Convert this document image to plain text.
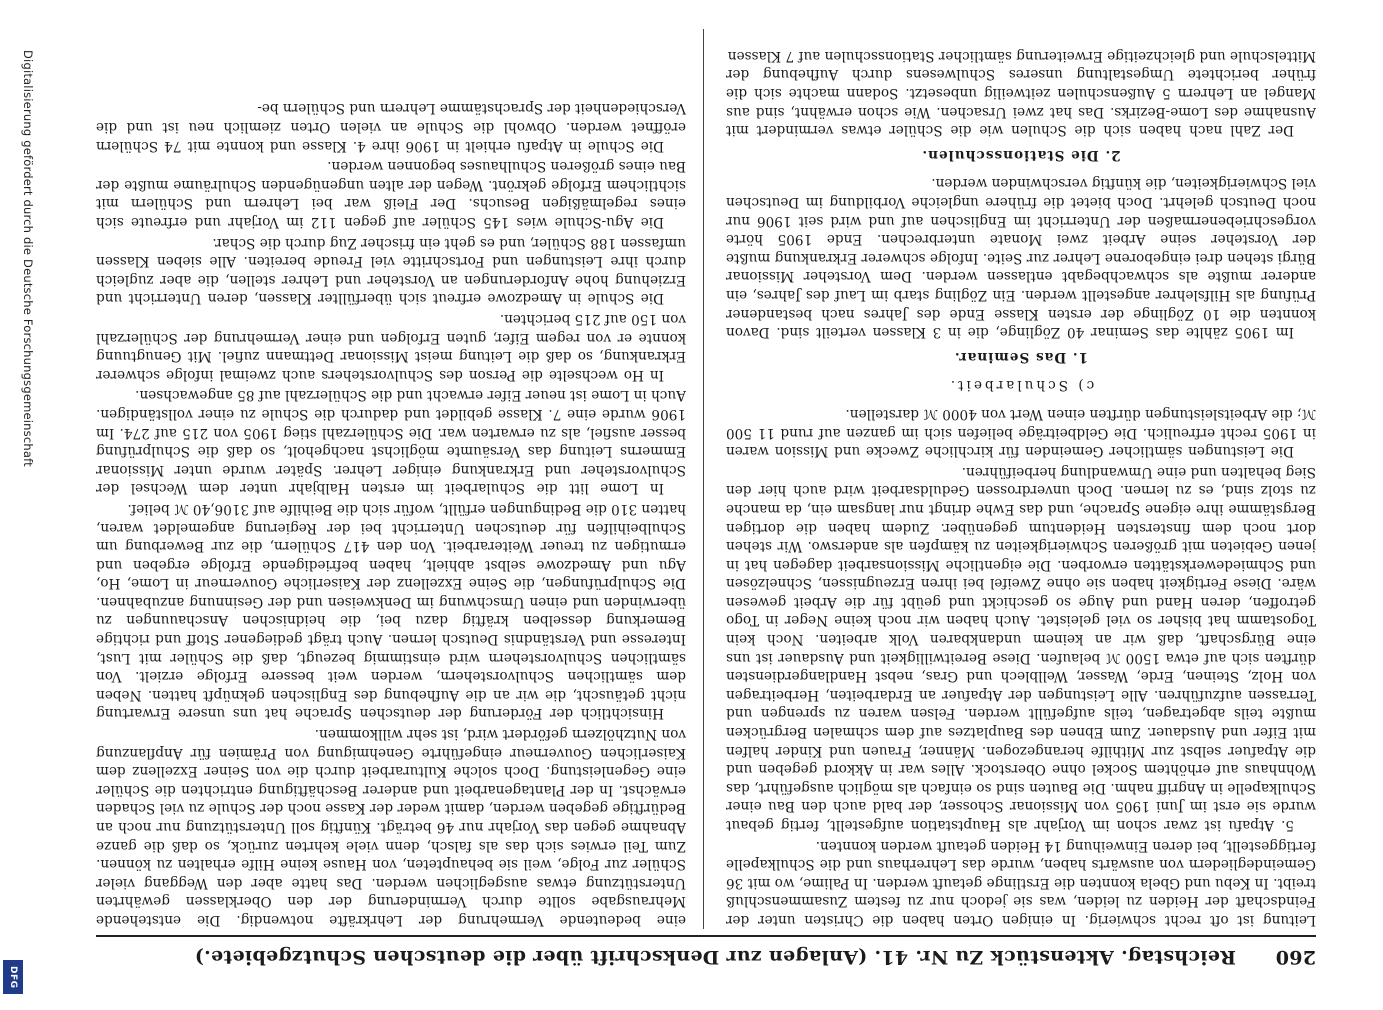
260
Reichstag. Aktenstück Zu Nr. 41. (Anlagen zur Denkschrift über die deutschen Schutzgebiete.)

Leitung ist oft recht schwierig. In einigen Orten haben die Christen unter der Feindschaft der Heiden zu leiden, was sie jedoch nur zu festem Zusammenschluß treibt. In Kebu und Gbela konnten die Erstlinge getauft werden. In Palime, wo mit 36 Gemeindegliedern von auswärts haben, wurde das Lehrerhaus und die Schulkapelle fertiggestellt, bei deren Einweihung 14 Heiden getauft werden konnten.

5. Atpafu ist zwar schon im Vorjahr als Hauptstation aufgestellt, fertig gebaut wurde sie erst im Juni 1905 von Missionar Schosser, der bald auch den Bau einer Schulkapelle in Angriff nahm. Die Bauten sind so einfach als möglich ausgeführt, das Wohnhaus auf erhöhtem Sockel ohne Oberstock. Alles war in Akkord gegeben und die Atpafuer selbst zur Mithilfe herangezogen. Männer, Frauen und Kinder halfen mit Eifer und Ausdauer. Zum Ebnen des Bauplatzes auf dem schmalen Bergrücken mußte teils abgetragen, teils aufgefüllt werden. Felsen waren zu sprengen und Terrassen aufzuführen. Alle Leistungen der Atpafuer an Erdarbeiten, Herbeitragen von Holz, Steinen, Erde, Wasser, Wellblech und Gras, nebst Handlangerdiensten dürften sich auf etwa 1500 ℳ belaufen. Diese Bereitwilligkeit und Ausdauer ist uns eine Bürgschaft, daß wir an keinem undankbaren Volk arbeiten. Noch kein Togostamm hat bisher so viel geleistet. Auch haben wir noch keine Neger in Togo getroffen, deren Hand und Auge so geschickt und geübt für die Arbeit gewesen wäre. Diese Fertigkeit haben sie ohne Zweifel bei ihren Erzeugnissen, Schnelzösen und Schmiedewerkstätten erworben. Die eigentliche Missionsarbeit dagegen hat in jenen Gebieten mit größeren Schwierigkeiten zu kämpfen als anderswo. Wir stehen dort noch dem finstersten Heidentum gegenüber. Zudem haben die dortigen Bergstämme ihre eigene Sprache, und das Ewhe dringt nur langsam ein, da manche zu stolz sind, es zu lernen. Doch unverdrossen Geduldsarbeit wird auch hier den Sieg behalten und eine Umwandlung herbeiführen.

Die Leistungen sämtlicher Gemeinden für kirchliche Zwecke und Mission waren in 1905 recht erfreulich. Die Geldbeiträge beliefen sich im ganzen auf rund 11 500 ℳ; die Arbeitsleistungen dürften einen Wert von 4000 ℳ darstellen.

c) Schularbeit.

1. Das Seminar.

Im 1905 zählte das Seminar 40 Zöglinge, die in 3 Klassen verteilt sind. Davon konnten die 10 Zöglinge der ersten Klasse Ende des Jahres nach bestandener Prüfung als Hilfslehrer angestellt werden. Ein Zögling starb im Lauf des Jahres, ein anderer mußte als schwachbegabt entlassen werden. Dem Vorsteher Missionar Bürgi stehen drei eingeborene Lehrer zur Seite. Infolge schwerer Erkrankung mußte der Vorsteher seine Arbeit zwei Monate unterbrechen. Ende 1905 hörte vorgeschriebenermaßen der Unterricht im Englischen auf und wird seit 1906 nur noch Deutsch gelehrt. Doch bietet die frühere ungleiche Vorbildung im Deutschen viel Schwierigkeiten, die künftig verschwinden werden.

2. Die Stationsschulen.

Der Zahl nach haben sich die Schulen wie die Schüler etwas vermindert mit Ausnahme des Lome-Bezirks. Das hat zwei Ursachen. Wie schon erwähnt, sind aus Mangel an Lehrern 5 Außenschulen zeitweilig unbesetzt. Sodann machte sich die früher berichtete Umgestaltung unseres Schulwesens durch Aufhebung der Mittelschule und gleichzeitige Erweiterung sämtlicher Stationsschulen auf 7 Klassen

eine bedeutende Vermehrung der Lehrkräfte notwendig. Die entstehende Mehrausgabe sollte durch Verminderung der den Oberklassen gewährten Unterstützung etwas ausgeglichen werden. Das hatte aber den Weggang vieler Schüler zur Folge, weil sie behaupteten, von Hause keine Hilfe erhalten zu können. Zum Teil erwies sich das als falsch, denn viele kehrten zurück, so daß die ganze Abnahme gegen das Vorjahr nur 46 beträgt. Künftig soll Unterstützung nur noch an Bedürftige gegeben werden, damit weder der Kasse noch der Schule zu viel Schaden erwächst. In der Plantagenarbeit und anderer Beschäftigung entrichten die Schüler eine Gegenleistung. Doch solche Kulturarbeit durch die von Seiner Exzellenz dem Kaiserlichen Gouverneur eingeführte Genehmigung von Prämien für Anpflanzung von Nutzhölzern gefördert wird, ist sehr willkommen.

Hinsichtlich der Förderung der deutschen Sprache hat uns unsere Erwartung nicht getäuscht, die wir an die Aufhebung des Englischen geknüpft hatten. Neben dem sämtlichen Schulvorstehern, werden weit bessere Erfolge erzielt. Von sämtlichen Schulvorstehern wird einstimmig bezeugt, daß die Schüler mit Lust, Interesse und Verständnis Deutsch lernen. Auch trägt gediegener Stoff und richtige Bemerkung desselben kräftig dazu bei, die heidnischen Anschauungen zu überwinden und einen Umschwung im Denkweisen und der Gesinnung anzubahnen. Die Schulprüfungen, die Seine Exzellenz der Kaiserliche Gouverneur in Lome, Ho, Agu und Amedzowe selbst abhielt, haben befriedigende Erfolge ergeben und ermutigen zu treuer Weiterarbeit. Von den 417 Schülern, die zur Bewerbung um Schulbeihilfen für deutschen Unterricht bei der Regierung angemeldet waren, hatten 310 die Bedingungen erfüllt, wofür sich die Beihilfe auf 3106,40 ℳ belief.

In Lome litt die Schularbeit im ersten Halbjahr unter dem Wechsel der Schulvorsteher und Erkrankung einiger Lehrer. Später wurde unter Missionar Emmerns Leitung das Versäumte möglichst nachgeholt, so daß die Schulprüfung besser ausfiel, als zu erwarten war. Die Schülerzahl stieg 1905 von 215 auf 274. Im 1906 wurde eine 7. Klasse gebildet und dadurch die Schule zu einer vollständigen. Auch in Lome ist neuer Eifer erwacht und die Schülerzahl auf 85 angewachsen.

In Ho wechselte die Person des Schulvorstehers auch zweimal infolge schwerer Erkrankung, so daß die Leitung meist Missionar Dettmann zufiel. Mit Genugtuung konnte er von regem Eifer, guten Erfolgen und einer Vermehrung der Schülerzahl von 150 auf 215 berichten.

Die Schule in Amedzowe erfreut sich überfüllter Klassen, deren Unterricht und Erziehung hohe Anforderungen an Vorsteher und Lehrer stellen, die aber zugleich durch ihre Leistungen und Fortschritte viel Freude bereiten. Alle sieben Klassen umfassen 188 Schüler, und es geht ein frischer Zug durch die Schar.

Die Agu-Schule wies 145 Schüler auf gegen 112 im Vorjahr und erfreute sich eines regelmäßigen Besuchs. Der Fleiß war bei Lehrern und Schülern mit sichtlichem Erfolge gekrönt. Wegen der alten ungenügenden Schulräume mußte der Bau eines größeren Schulhauses begonnen werden.

Die Schule in Atpafu erhielt in 1906 ihre 4. Klasse und konnte mit 74 Schülern eröffnet werden. Obwohl die Schule an vielen Orten ziemlich neu ist und die Verschiedenheit der Sprachstämme Lehrern und Schülern be-

Digitalisierung gefördert durch die Deutsche Forschungsgemeinschaft
DFG
